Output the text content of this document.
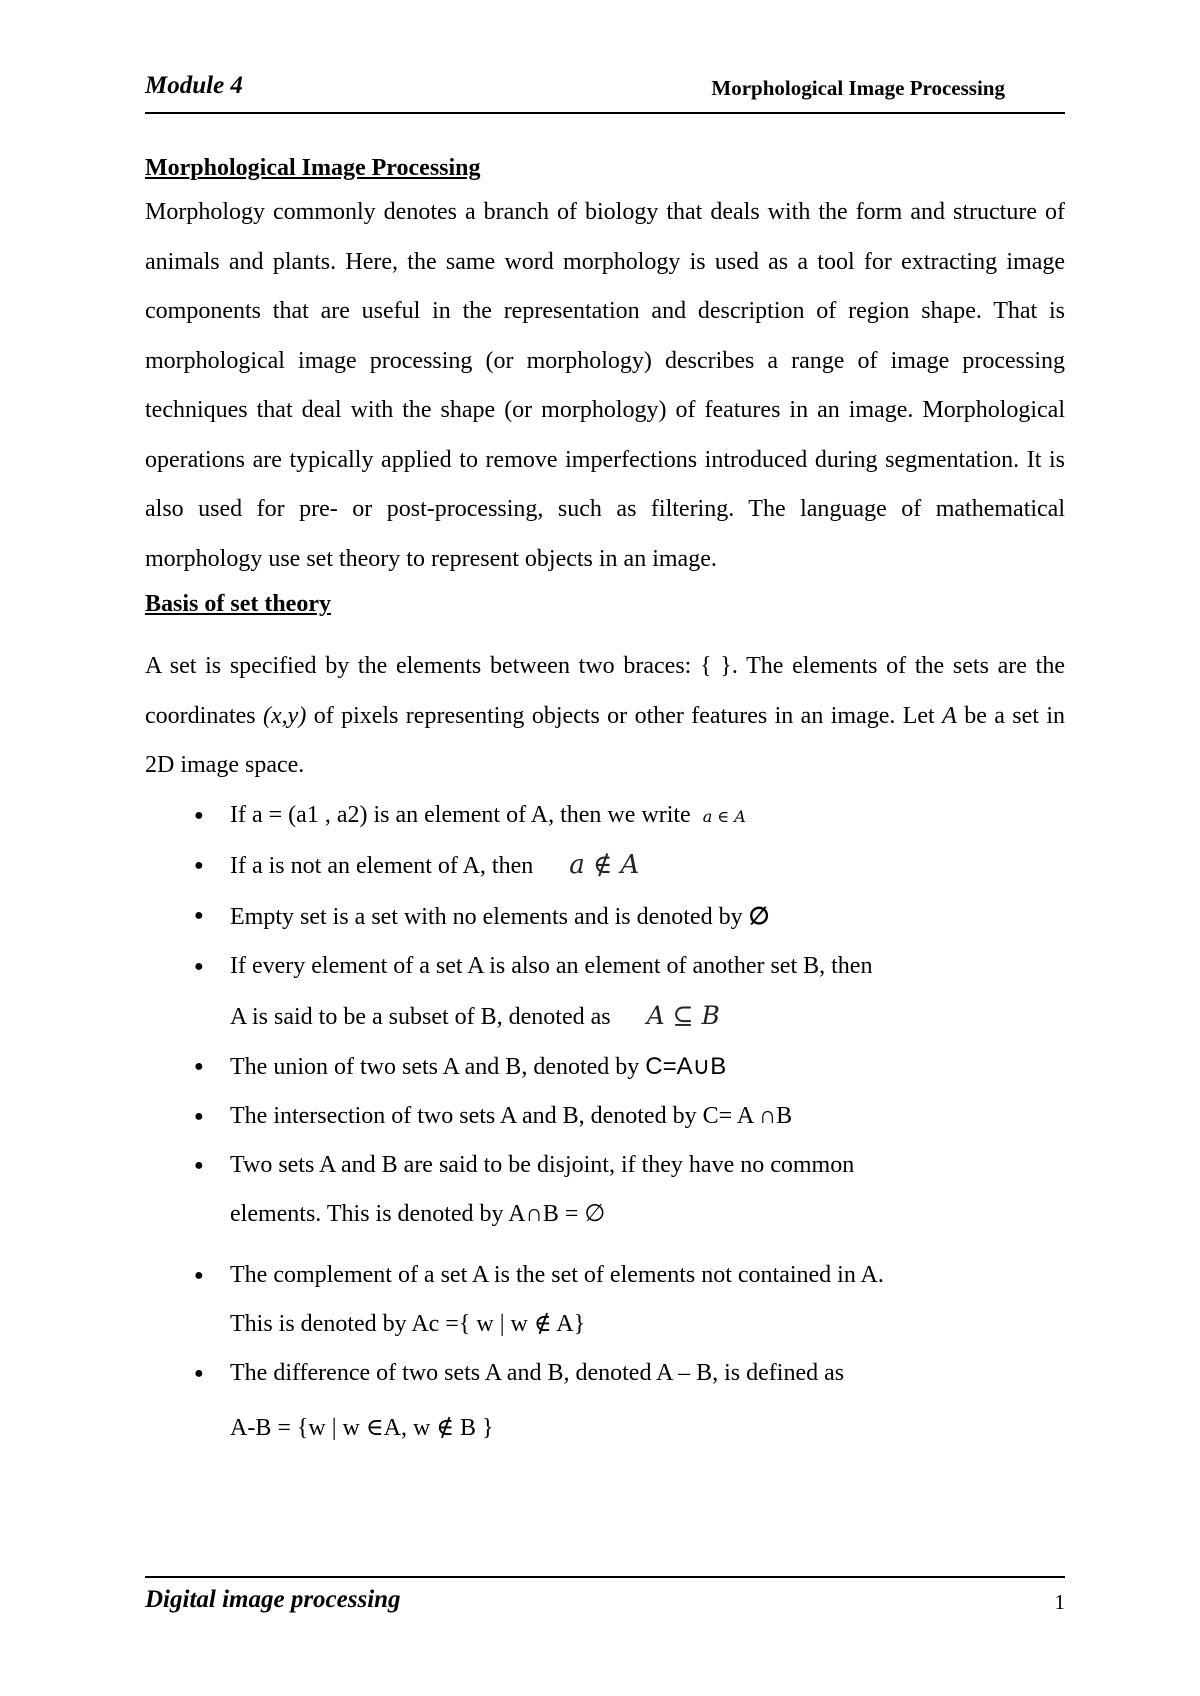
Module 4	Morphological Image Processing

Morphological Image Processing

Morphology commonly denotes a branch of biology that deals with the form and structure of animals and plants. Here, the same word morphology is used as a tool for extracting image components that are useful in the representation and description of region shape. That is morphological image processing (or morphology) describes a range of image processing techniques that deal with the shape (or morphology) of features in an image. Morphological operations are typically applied to remove imperfections introduced during segmentation. It is also used for pre- or post-processing, such as filtering. The language of mathematical morphology use set theory to represent objects in an image.

Basis of set theory

A set is specified by the elements between two braces: { }. The elements of the sets are the coordinates (x,y) of pixels representing objects or other features in an image. Let A be a set in 2D image space.

● If a = (a1 , a2) is an element of A, then we write a ∈ A
● If a is not an element of A, then a ∉ A
● Empty set is a set with no elements and is denoted by ∅
● If every element of a set A is also an element of another set B, then
A is said to be a subset of B, denoted as A ⊆ B
● The union of two sets A and B, denoted by C=A∪B
● The intersection of two sets A and B, denoted by C= A ∩B
● Two sets A and B are said to be disjoint, if they have no common
elements. This is denoted by A∩B = ∅
● The complement of a set A is the set of elements not contained in A.
This is denoted by Ac ={ w | w ∉ A}
● The difference of two sets A and B, denoted A – B, is defined as
A-B = {w | w ∈A, w ∉ B }
Digital image processing	1
